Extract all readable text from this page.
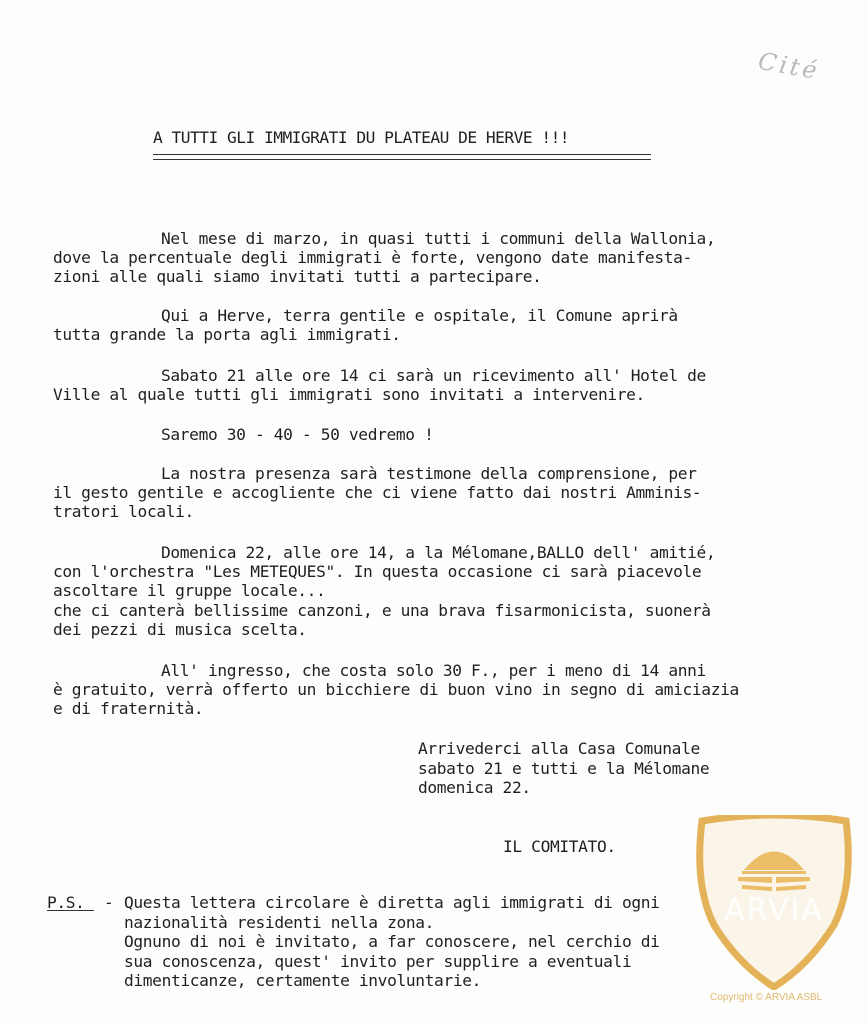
Cité
A TUTTI GLI IMMIGRATI DU PLATEAU DE HERVE !!!
Nel mese di marzo, in quasi tutti i communi della Wallonia,
dove la percentuale degli immigrati è forte, vengono date manifesta-
zioni alle quali siamo invitati tutti a partecipare.
Qui a Herve, terra gentile e ospitale, il Comune aprirà
tutta grande la porta agli immigrati.
Sabato 21 alle ore 14 ci sarà un ricevimento all' Hotel de
Ville al quale tutti gli immigrati sono invitati a intervenire.
Saremo 30 - 40 - 50 vedremo !
La nostra presenza sarà testimone della comprensione, per
il gesto gentile e accogliente che ci viene fatto dai nostri Amminis-
tratori locali.
Domenica 22, alle ore 14, a la Mélomane,BALLO dell' amitié,
con l'orchestra "Les METEQUES". In questa occasione ci sarà piacevole
ascoltare il gruppe locale...
che ci canterà bellissime canzoni, e una brava fisarmonicista, suonerà
dei pezzi di musica scelta.
All' ingresso, che costa solo 30 F., per i meno di 14 anni
è gratuito, verrà offerto un bicchiere di buon vino in segno di amiciazia
e di fraternità.
Arrivederci alla Casa Comunale
sabato 21 e tutti e la Mélomane
domenica 22.
IL COMITATO.
P.S. - Questa lettera circolare è diretta agli immigrati di ogni
nazionalità residenti nella zona.
Ognuno di noi è invitato, a far conoscere, nel cerchio di
sua conoscenza, quest' invito per supplire a eventuali
dimenticanze, certamente involuntarie.
ARVIA
Copyright © ARVIA ASBL
